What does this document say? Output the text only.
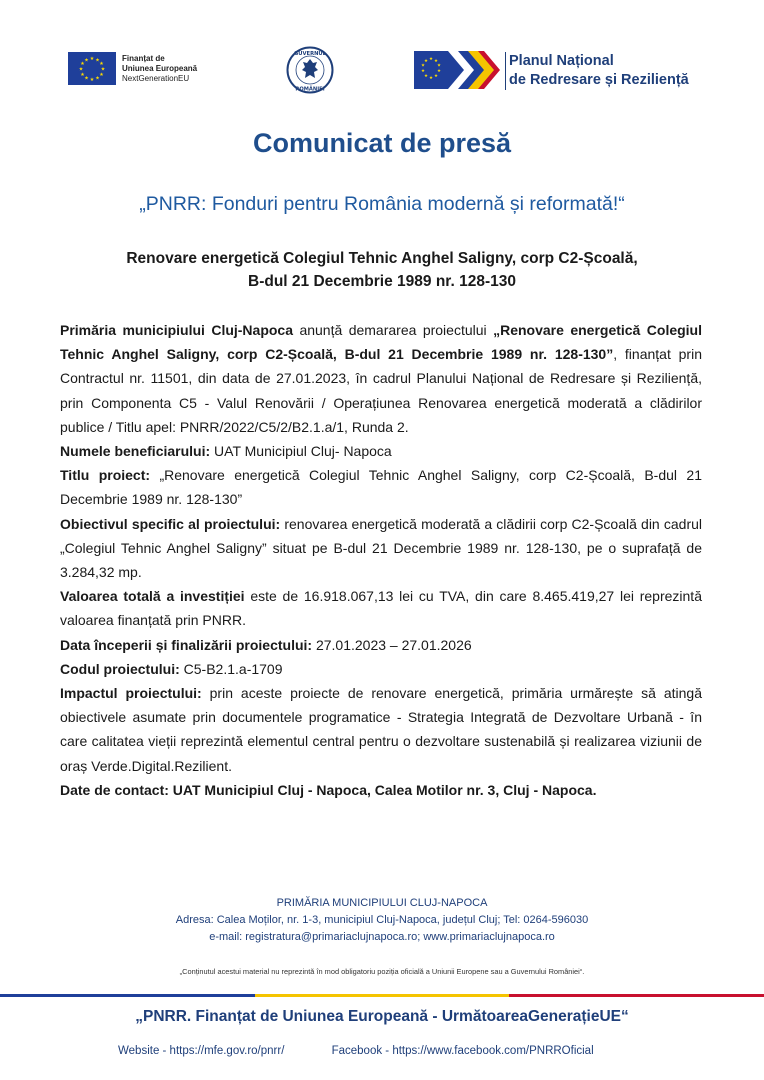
★ ★
★
★
★
★
★
★
★
★
★
★	Finanțat de
Uniunea Europeană
NextGenerationEU
GUVERNUL
ROMÂNIEI
★ ★
★
★
★
★
★
★
★
★	Planul Național
de Redresare și Reziliență
Comunicat de presă
„PNRR: Fonduri pentru România modernă și reformată!“
Renovare energetică Colegiul Tehnic Anghel Saligny, corp C2-Școală,
B-dul 21 Decembrie 1989 nr. 128-130

Primăria municipiului Cluj-Napoca anunță demararea proiectului „Renovare energetică Colegiul Tehnic Anghel Saligny, corp C2-Școală, B-dul 21 Decembrie 1989 nr. 128-130”, finanțat prin Contractul nr. 11501, din data de 27.01.2023, în cadrul Planului Național de Redresare și Reziliență, prin Componenta C5 - Valul Renovării / Operațiunea Renovarea energetică moderată a clădirilor publice / Titlu apel: PNRR/2022/C5/2/B2.1.a/1, Runda 2.

Numele beneficiarului: UAT Municipiul Cluj- Napoca

Titlu proiect: „Renovare energetică Colegiul Tehnic Anghel Saligny, corp C2-Școală, B-dul 21 Decembrie 1989 nr. 128-130”

Obiectivul specific al proiectului: renovarea energetică moderată a clădirii corp C2-Școală din cadrul „Colegiul Tehnic Anghel Saligny” situat pe B-dul 21 Decembrie 1989 nr. 128-130, pe o suprafață de 3.284,32 mp.

Valoarea totală a investiției este de 16.918.067,13 lei cu TVA, din care 8.465.419,27 lei reprezintă valoarea finanțată prin PNRR.

Data începerii și finalizării proiectului: 27.01.2023 – 27.01.2026

Codul proiectului: C5-B2.1.a-1709

Impactul proiectului: prin aceste proiecte de renovare energetică, primăria urmărește să atingă obiectivele asumate prin documentele programatice - Strategia Integrată de Dezvoltare Urbană - în care calitatea vieții reprezintă elementul central pentru o dezvoltare sustenabilă și realizarea viziunii de oraș Verde.Digital.Rezilient.

Date de contact: UAT Municipiul Cluj - Napoca, Calea Motilor nr. 3, Cluj - Napoca.

PRIMĂRIA MUNICIPIULUI CLUJ-NAPOCA
Adresa: Calea Moților, nr. 1-3, municipiul Cluj-Napoca, județul Cluj; Tel: 0264-596030
e-mail: registratura@primariaclujnapoca.ro; www.primariaclujnapoca.ro
„Conținutul acestui material nu reprezintă în mod obligatoriu poziția oficială a Uniunii Europene sau a Guvernului României“.
„PNRR. Finanțat de Uniunea Europeană - UrmătoareaGenerațieUE“
Website - https://mfe.gov.ro/pnrr/	Facebook - https://www.facebook.com/PNRROficial
